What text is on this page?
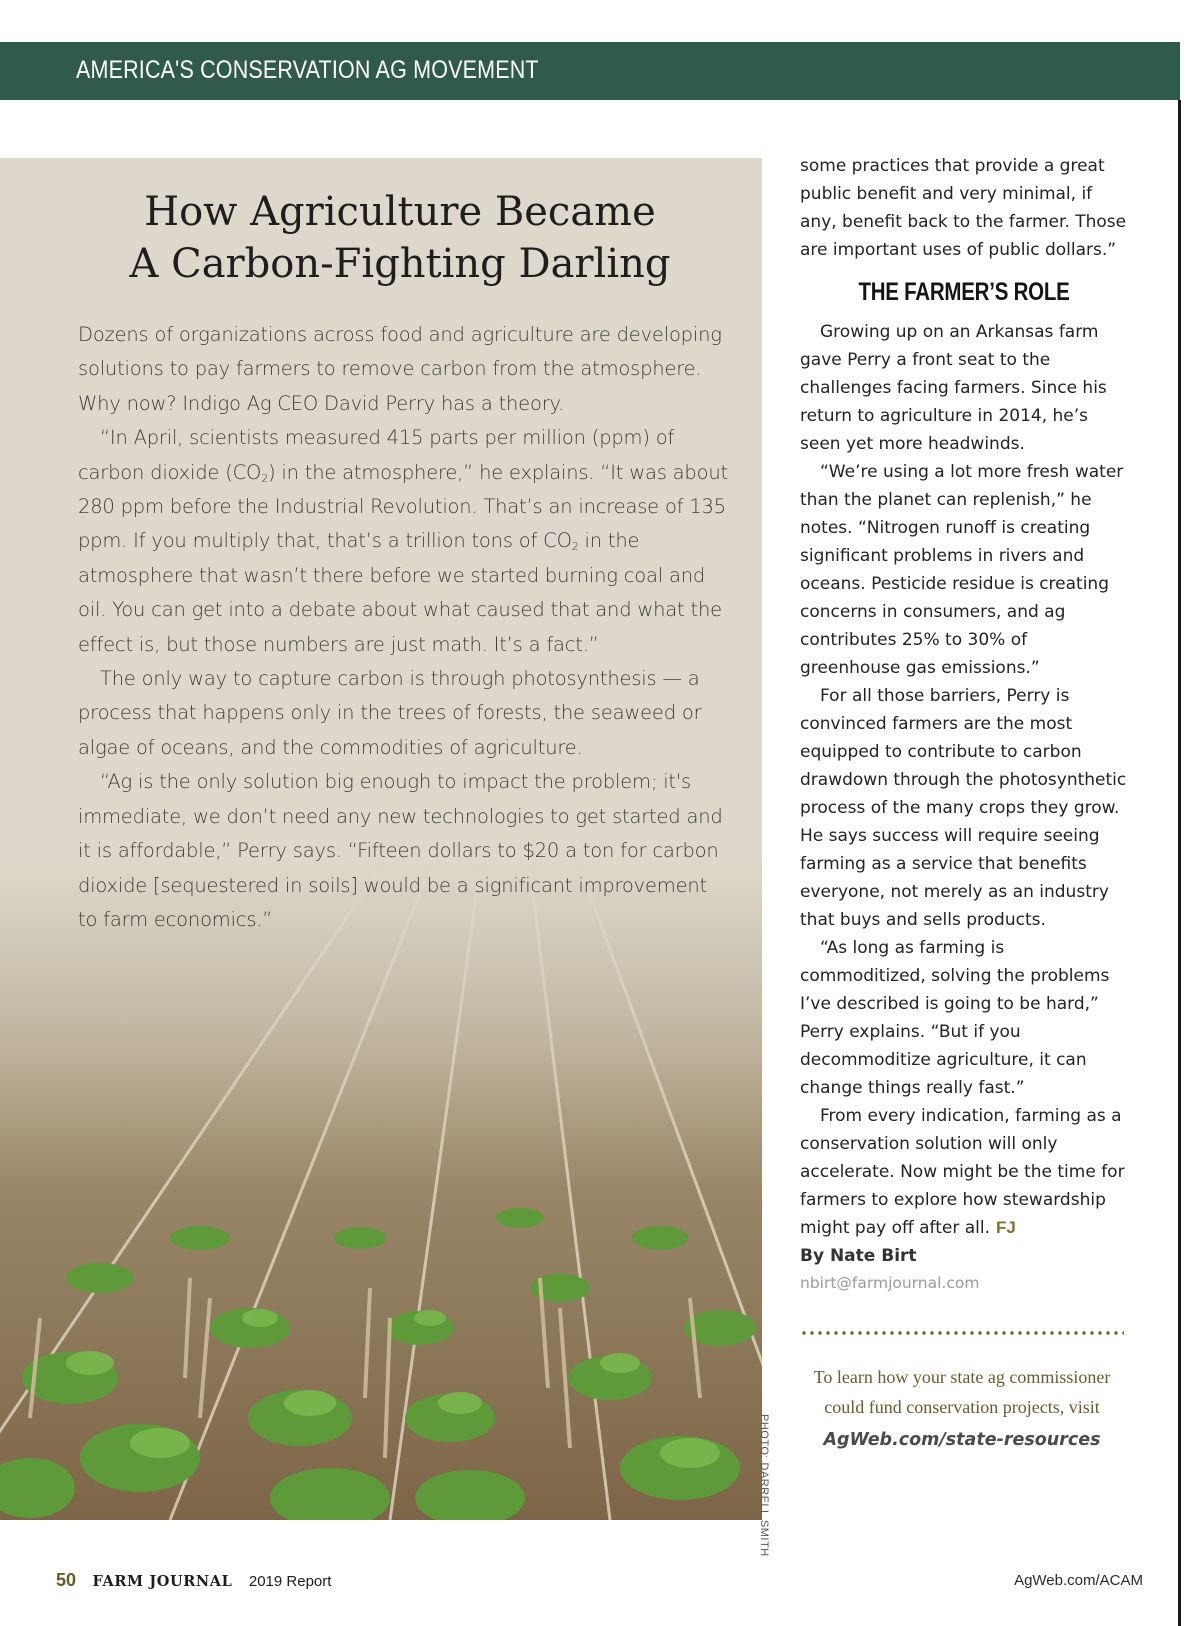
AMERICA'S CONSERVATION AG MOVEMENT
How Agriculture Became
A Carbon-Fighting Darling

Dozens of organizations across food and agriculture are developing solutions to pay farmers to remove carbon from the atmosphere. Why now? Indigo Ag CEO David Perry has a theory.

“In April, scientists measured 415 parts per million (ppm) of carbon dioxide $(CO_2)$ in the atmosphere,” he explains. “It was about 280 ppm before the Industrial Revolution. That’s an increase of 135 ppm. If you multiply that, that’s a trillion tons of $CO_2$ in the atmosphere that wasn’t there before we started burning coal and oil. You can get into a debate about what caused that and what the effect is, but those numbers are just math. It’s a fact.”

The only way to capture carbon is through photosynthesis — a process that happens only in the trees of forests, the seaweed or algae of oceans, and the commodities of agriculture.

“Ag is the only solution big enough to impact the problem; it's immediate, we don’t need any new technologies to get started and it is affordable,” Perry says. “Fifteen dollars to $20 a ton for carbon dioxide [sequestered in soils] would be a significant improvement to farm economics.”

PHOTO: DARRELL SMITH

some practices that provide a great public benefit and very minimal, if any, benefit back to the farmer. Those are important uses of public dollars.”

THE FARMER’S ROLE

Growing up on an Arkansas farm gave Perry a front seat to the challenges facing farmers. Since his return to agriculture in 2014, he’s seen yet more headwinds.

“We’re using a lot more fresh water than the planet can replenish,” he notes. “Nitrogen runoff is creating significant problems in rivers and oceans. Pesticide residue is creating concerns in consumers, and ag contributes 25% to 30% of greenhouse gas emissions.”

For all those barriers, Perry is convinced farmers are the most equipped to contribute to carbon drawdown through the photosynthetic process of the many crops they grow. He says success will require seeing farming as a service that benefits everyone, not merely as an industry that buys and sells products.

“As long as farming is commoditized, solving the problems I’ve described is going to be hard,” Perry explains. “But if you decommoditize agriculture, it can change things really fast.”

From every indication, farming as a conservation solution will only accelerate. Now might be the time for farmers to explore how stewardship might pay off after all. FJ

By Nate Birt

nbirt@farmjournal.com

To learn how your state ag commissioner could fund conservation projects, visit
AgWeb.com/state-resources
50 FARM JOURNAL 2019 Report	AgWeb.com/ACAM
